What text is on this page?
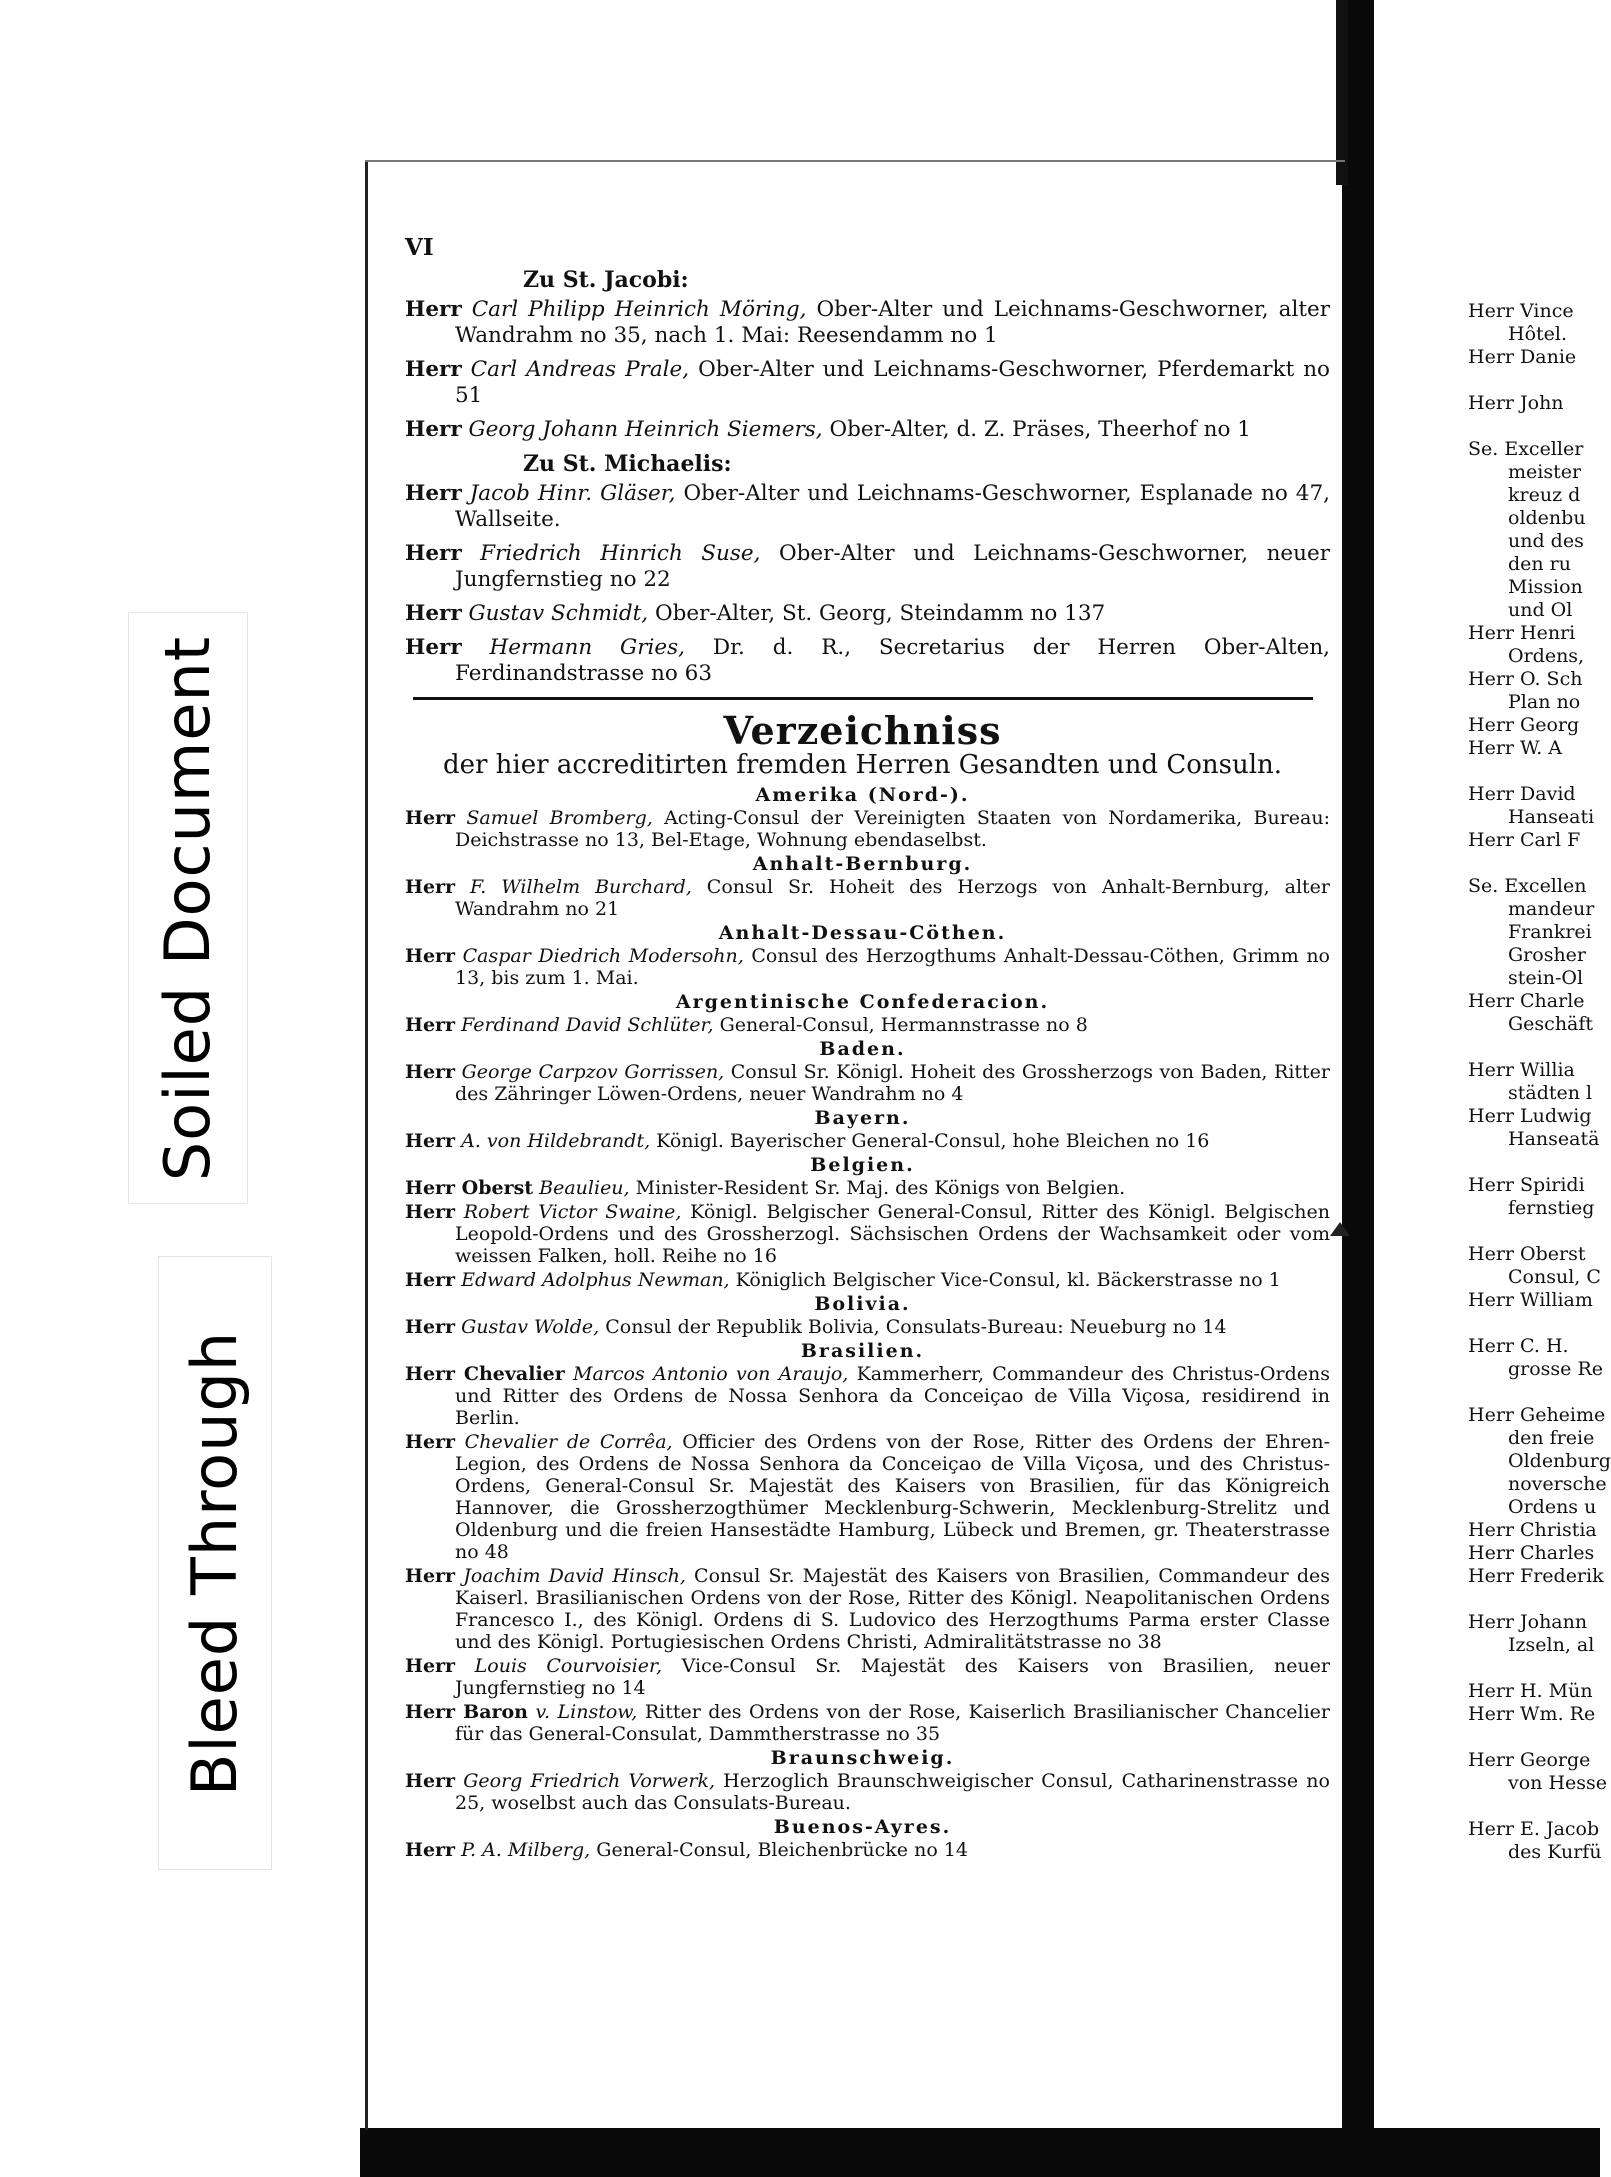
Soiled Document
Bleed Through
VI
Zu St. Jacobi:
Herr Carl Philipp Heinrich Möring, Ober-Alter und Leichnams-Geschworner, alter Wandrahm no 35, nach 1. Mai: Reesendamm no 1
Herr Carl Andreas Prale, Ober-Alter und Leichnams-Geschworner, Pferdemarkt no 51
Herr Georg Johann Heinrich Siemers, Ober-Alter, d. Z. Präses, Theerhof no 1
Zu St. Michaelis:
Herr Jacob Hinr. Gläser, Ober-Alter und Leichnams-Geschworner, Esplanade no 47, Wallseite.
Herr Friedrich Hinrich Suse, Ober-Alter und Leichnams-Geschworner, neuer Jungfernstieg no 22
Herr Gustav Schmidt, Ober-Alter, St. Georg, Steindamm no 137
Herr Hermann Gries, Dr. d. R., Secretarius der Herren Ober-Alten, Ferdinandstrasse no 63
Verzeichniss
der hier accreditirten fremden Herren Gesandten und Consuln.
Amerika (Nord-).
Herr Samuel Bromberg, Acting-Consul der Vereinigten Staaten von Nordamerika, Bureau: Deichstrasse no 13, Bel-Etage, Wohnung ebendaselbst.
Anhalt-Bernburg.
Herr F. Wilhelm Burchard, Consul Sr. Hoheit des Herzogs von Anhalt-Bernburg, alter Wandrahm no 21
Anhalt-Dessau-Cöthen.
Herr Caspar Diedrich Modersohn, Consul des Herzogthums Anhalt-Dessau-Cöthen, Grimm no 13, bis zum 1. Mai.
Argentinische Confederacion.
Herr Ferdinand David Schlüter, General-Consul, Hermannstrasse no 8
Baden.
Herr George Carpzov Gorrissen, Consul Sr. Königl. Hoheit des Grossherzogs von Baden, Ritter des Zähringer Löwen-Ordens, neuer Wandrahm no 4
Bayern.
Herr A. von Hildebrandt, Königl. Bayerischer General-Consul, hohe Bleichen no 16
Belgien.
Herr Oberst Beaulieu, Minister-Resident Sr. Maj. des Königs von Belgien.
Herr Robert Victor Swaine, Königl. Belgischer General-Consul, Ritter des Königl. Belgischen Leopold-Ordens und des Grossherzogl. Sächsischen Ordens der Wachsamkeit oder vom weissen Falken, holl. Reihe no 16
Herr Edward Adolphus Newman, Königlich Belgischer Vice-Consul, kl. Bäckerstrasse no 1
Bolivia.
Herr Gustav Wolde, Consul der Republik Bolivia, Consulats-Bureau: Neueburg no 14
Brasilien.
Herr Chevalier Marcos Antonio von Araujo, Kammerherr, Commandeur des Christus-Ordens und Ritter des Ordens de Nossa Senhora da Conceiçao de Villa Viçosa, residirend in Berlin.
Herr Chevalier de Corrêa, Officier des Ordens von der Rose, Ritter des Ordens der Ehren-Legion, des Ordens de Nossa Senhora da Conceiçao de Villa Viçosa, und des Christus-Ordens, General-Consul Sr. Majestät des Kaisers von Brasilien, für das Königreich Hannover, die Grossherzogthümer Mecklenburg-Schwerin, Mecklenburg-Strelitz und Oldenburg und die freien Hansestädte Hamburg, Lübeck und Bremen, gr. Theaterstrasse no 48
Herr Joachim David Hinsch, Consul Sr. Majestät des Kaisers von Brasilien, Commandeur des Kaiserl. Brasilianischen Ordens von der Rose, Ritter des Königl. Neapolitanischen Ordens Francesco I., des Königl. Ordens di S. Ludovico des Herzogthums Parma erster Classe und des Königl. Portugiesischen Ordens Christi, Admiralitätstrasse no 38
Herr Louis Courvoisier, Vice-Consul Sr. Majestät des Kaisers von Brasilien, neuer Jungfernstieg no 14
Herr Baron v. Linstow, Ritter des Ordens von der Rose, Kaiserlich Brasilianischer Chancelier für das General-Consulat, Dammtherstrasse no 35
Braunschweig.
Herr Georg Friedrich Vorwerk, Herzoglich Braunschweigischer Consul, Catharinenstrasse no 25, woselbst auch das Consulats-Bureau.
Buenos-Ayres.
Herr P. A. Milberg, General-Consul, Bleichenbrücke no 14
Herr Vince
Hôtel.
Herr Danie

Herr John

Se. Exceller
meister
kreuz d
oldenbu
und des
den ru
Mission
und Ol
Herr Henri
Ordens,
Herr O. Sch
Plan no
Herr Georg
Herr W. A

Herr David
Hanseati
Herr Carl F

Se. Excellen
mandeur
Frankrei
Grosher
stein-Ol
Herr Charle
Geschäft

Herr Willia
städten l
Herr Ludwig
Hanseatä

Herr Spiridi
fernstieg

Herr Oberst
Consul, C
Herr William

Herr C. H.
grosse Re

Herr Geheime
den freie
Oldenburg
noversche
Ordens u
Herr Christia
Herr Charles
Herr Frederik

Herr Johann
Izseln, al

Herr H. Mün
Herr Wm. Re

Herr George
von Hesse

Herr E. Jacob
des Kurfü
